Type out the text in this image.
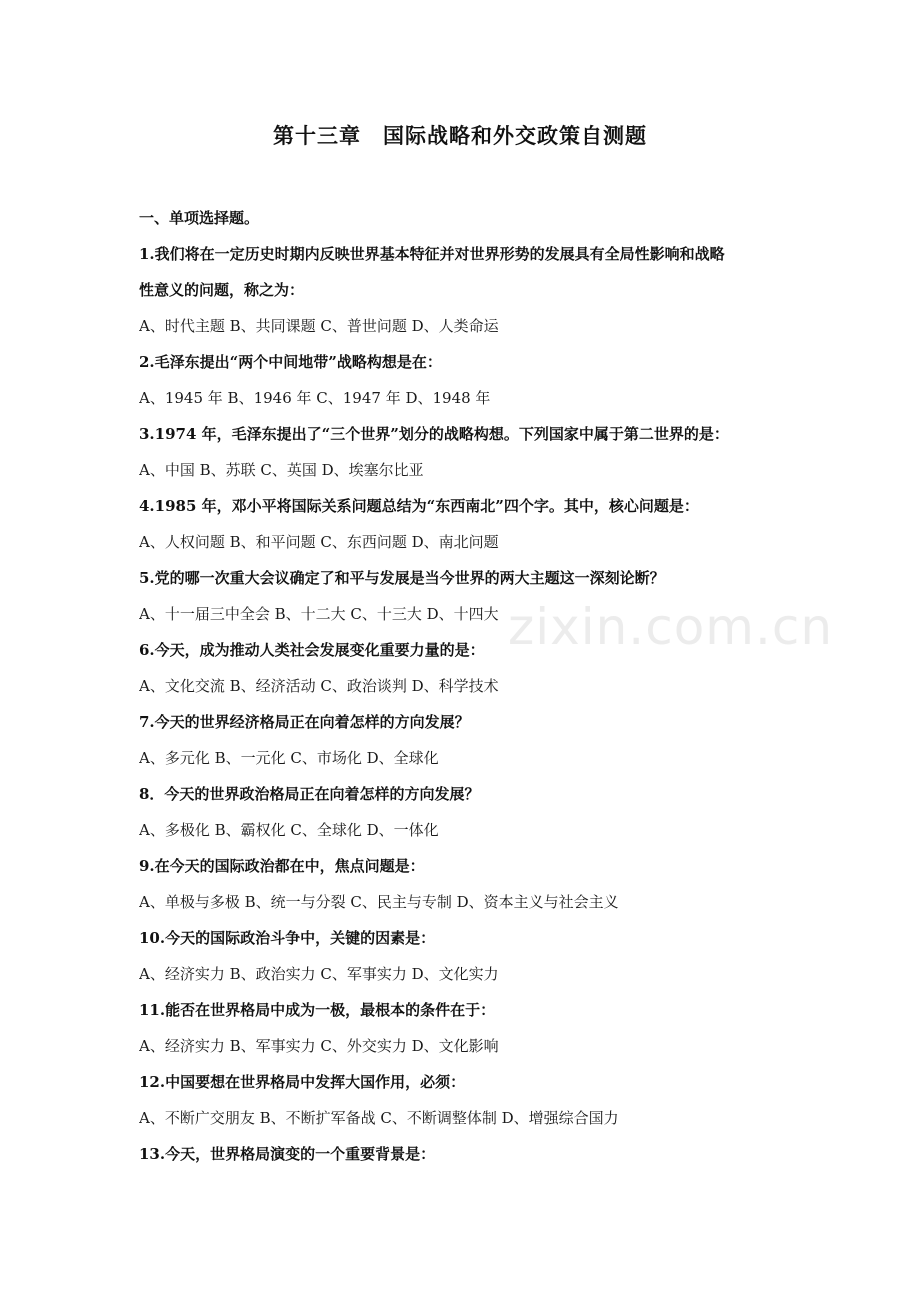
第十三章　国际战略和外交政策自测题
zixin.com.cn
一、单项选择题。
1.我们将在一定历史时期内反映世界基本特征并对世界形势的发展具有全局性影响和战略
性意义的问题，称之为：
A、时代主题 B、共同课题 C、普世问题 D、人类命运
2.毛泽东提出“两个中间地带”战略构想是在：
A、1945 年 B、1946 年 C、1947 年 D、1948 年
3.1974 年，毛泽东提出了“三个世界”划分的战略构想。下列国家中属于第二世界的是：
A、中国 B、苏联 C、英国 D、埃塞尔比亚
4.1985 年，邓小平将国际关系问题总结为“东西南北”四个字。其中，核心问题是：
A、人权问题 B、和平问题 C、东西问题 D、南北问题
5.党的哪一次重大会议确定了和平与发展是当今世界的两大主题这一深刻论断？
A、十一届三中全会 B、十二大 C、十三大 D、十四大
6.今天，成为推动人类社会发展变化重要力量的是：
A、文化交流 B、经济活动 C、政治谈判 D、科学技术
7.今天的世界经济格局正在向着怎样的方向发展？
A、多元化 B、一元化 C、市场化 D、全球化
8．今天的世界政治格局正在向着怎样的方向发展？
A、多极化 B、霸权化 C、全球化 D、一体化
9.在今天的国际政治都在中，焦点问题是：
A、单极与多极 B、统一与分裂 C、民主与专制 D、资本主义与社会主义
10.今天的国际政治斗争中，关键的因素是：
A、经济实力 B、政治实力 C、军事实力 D、文化实力
11.能否在世界格局中成为一极，最根本的条件在于：
A、经济实力 B、军事实力 C、外交实力 D、文化影响
12.中国要想在世界格局中发挥大国作用，必须：
A、不断广交朋友 B、不断扩军备战 C、不断调整体制 D、增强综合国力
13.今天，世界格局演变的一个重要背景是：
